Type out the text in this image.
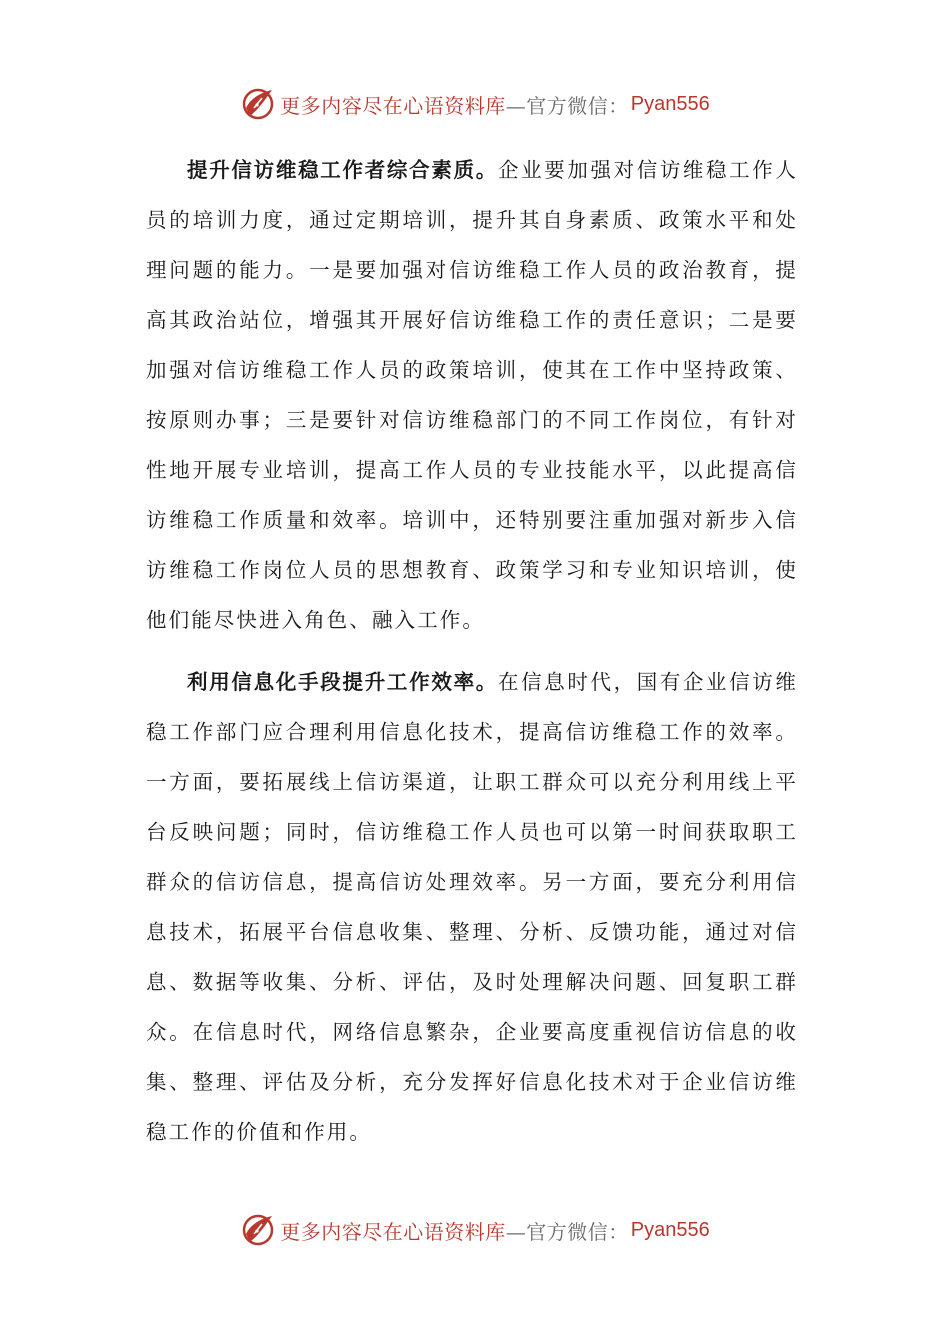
更多内容尽在心语资料库 —官方微信： Pyan556

提升信访维稳工作者综合素质。企业要加强对信访维稳工作人员的培训力度，通过定期培训，提升其自身素质、政策水平和处理问题的能力。一是要加强对信访维稳工作人员的政治教育，提高其政治站位，增强其开展好信访维稳工作的责任意识；二是要加强对信访维稳工作人员的政策培训，使其在工作中坚持政策、按原则办事；三是要针对信访维稳部门的不同工作岗位，有针对性地开展专业培训，提高工作人员的专业技能水平，以此提高信访维稳工作质量和效率。培训中，还特别要注重加强对新步入信访维稳工作岗位人员的思想教育、政策学习和专业知识培训，使他们能尽快进入角色、融入工作。

利用信息化手段提升工作效率。在信息时代，国有企业信访维稳工作部门应合理利用信息化技术，提高信访维稳工作的效率。一方面，要拓展线上信访渠道，让职工群众可以充分利用线上平台反映问题；同时，信访维稳工作人员也可以第一时间获取职工群众的信访信息，提高信访处理效率。另一方面，要充分利用信息技术，拓展平台信息收集、整理、分析、反馈功能，通过对信息、数据等收集、分析、评估，及时处理解决问题、回复职工群众。在信息时代，网络信息繁杂，企业要高度重视信访信息的收集、整理、评估及分析，充分发挥好信息化技术对于企业信访维稳工作的价值和作用。

更多内容尽在心语资料库 —官方微信： Pyan556
